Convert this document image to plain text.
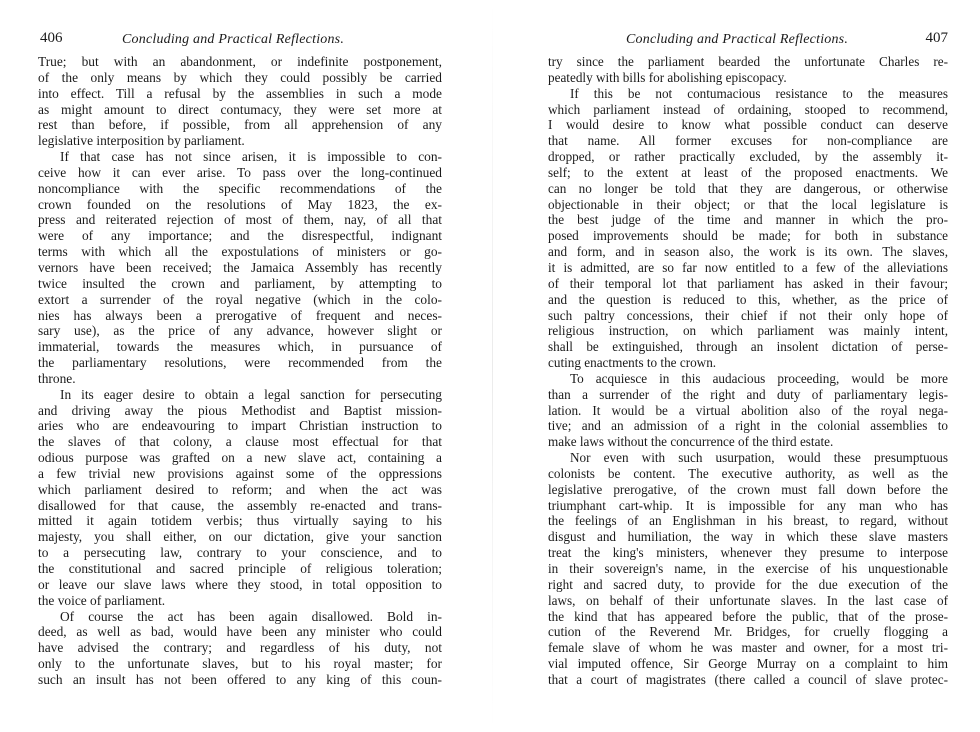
406	Concluding and Practical Reflections.
True; but with an abandonment, or indefinite postponement,
of the only means by which they could possibly be carried
into effect. Till a refusal by the assemblies in such a mode
as might amount to direct contumacy, they were set more at
rest than before, if possible, from all apprehension of any
legislative interposition by parliament.
If that case has not since arisen, it is impossible to con-
ceive how it can ever arise. To pass over the long-continued
noncompliance with the specific recommendations of the
crown founded on the resolutions of May 1823, the ex-
press and reiterated rejection of most of them, nay, of all that
were of any importance; and the disrespectful, indignant
terms with which all the expostulations of ministers or go-
vernors have been received; the Jamaica Assembly has recently
twice insulted the crown and parliament, by attempting to
extort a surrender of the royal negative (which in the colo-
nies has always been a prerogative of frequent and neces-
sary use), as the price of any advance, however slight or
immaterial, towards the measures which, in pursuance of
the parliamentary resolutions, were recommended from the
throne.
In its eager desire to obtain a legal sanction for persecuting
and driving away the pious Methodist and Baptist mission-
aries who are endeavouring to impart Christian instruction to
the slaves of that colony, a clause most effectual for that
odious purpose was grafted on a new slave act, containing a
a few trivial new provisions against some of the oppressions
which parliament desired to reform; and when the act was
disallowed for that cause, the assembly re-enacted and trans-
mitted it again totidem verbis; thus virtually saying to his
majesty, you shall either, on our dictation, give your sanction
to a persecuting law, contrary to your conscience, and to
the constitutional and sacred principle of religious toleration;
or leave our slave laws where they stood, in total opposition to
the voice of parliament.
Of course the act has been again disallowed. Bold in-
deed, as well as bad, would have been any minister who could
have advised the contrary; and regardless of his duty, not
only to the unfortunate slaves, but to his royal master; for
such an insult has not been offered to any king of this coun-
Concluding and Practical Reflections.	407
try since the parliament bearded the unfortunate Charles re-
peatedly with bills for abolishing episcopacy.
If this be not contumacious resistance to the measures
which parliament instead of ordaining, stooped to recommend,
I would desire to know what possible conduct can deserve
that name. All former excuses for non-compliance are
dropped, or rather practically excluded, by the assembly it-
self; to the extent at least of the proposed enactments. We
can no longer be told that they are dangerous, or otherwise
objectionable in their object; or that the local legislature is
the best judge of the time and manner in which the pro-
posed improvements should be made; for both in substance
and form, and in season also, the work is its own. The slaves,
it is admitted, are so far now entitled to a few of the alleviations
of their temporal lot that parliament has asked in their favour;
and the question is reduced to this, whether, as the price of
such paltry concessions, their chief if not their only hope of
religious instruction, on which parliament was mainly intent,
shall be extinguished, through an insolent dictation of perse-
cuting enactments to the crown.
To acquiesce in this audacious proceeding, would be more
than a surrender of the right and duty of parliamentary legis-
lation. It would be a virtual abolition also of the royal nega-
tive; and an admission of a right in the colonial assemblies to
make laws without the concurrence of the third estate.
Nor even with such usurpation, would these presumptuous
colonists be content. The executive authority, as well as the
legislative prerogative, of the crown must fall down before the
triumphant cart-whip. It is impossible for any man who has
the feelings of an Englishman in his breast, to regard, without
disgust and humiliation, the way in which these slave masters
treat the king's ministers, whenever they presume to interpose
in their sovereign's name, in the exercise of his unquestionable
right and sacred duty, to provide for the due execution of the
laws, on behalf of their unfortunate slaves. In the last case of
the kind that has appeared before the public, that of the prose-
cution of the Reverend Mr. Bridges, for cruelly flogging a
female slave of whom he was master and owner, for a most tri-
vial imputed offence, Sir George Murray on a complaint to him
that a court of magistrates (there called a council of slave protec-
